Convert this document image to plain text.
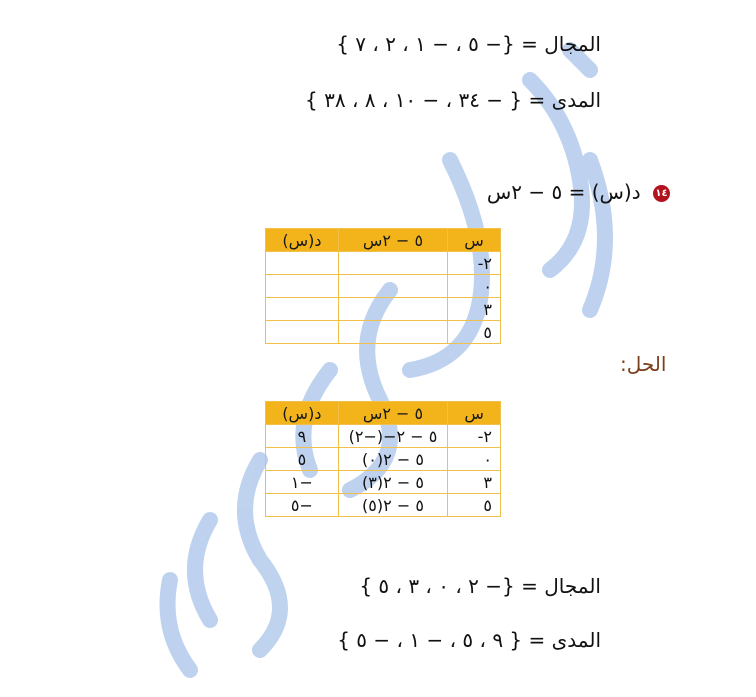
المجال = {− ٥ ، − ١ ، ٢ ، ٧ }
المدى = { − ٣٤ ، − ١٠ ، ٨ ، ٣٨ }
١٤ د(س) = ٥ − ٢س
س	٥ − ٢س	د(س)
٢-		
٠		
٣		
٥		
الحل:
س	٥ − ٢س	د(س)
٢-	٥ − ٢−(−٢)	٩
٠	٥ − ٢(٠)	٥
٣	٥ − ٢(٣)	−١
٥	٥ − ٢(٥)	−٥
المجال = {− ٢ ، ٠ ، ٣ ، ٥ }
المدى = { ٩ ، ٥ ، − ١ ، − ٥ }
